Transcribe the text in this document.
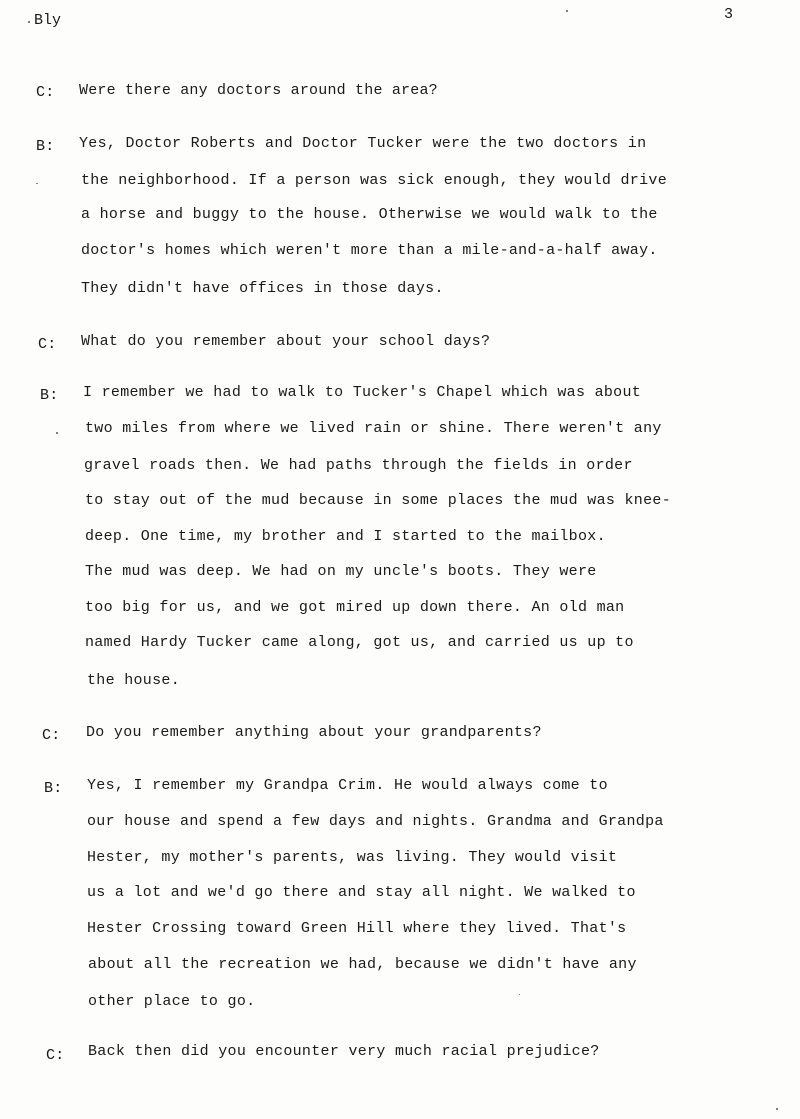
Bly	3
C: Were there any doctors around the area?
B: Yes, Doctor Roberts and Doctor Tucker were the two doctors in
the neighborhood. If a person was sick enough, they would drive
a horse and buggy to the house. Otherwise we would walk to the
doctor's homes which weren't more than a mile-and-a-half away.
They didn't have offices in those days.
C: What do you remember about your school days?
B: I remember we had to walk to Tucker's Chapel which was about
two miles from where we lived rain or shine. There weren't any
gravel roads then. We had paths through the fields in order
to stay out of the mud because in some places the mud was knee-
deep. One time, my brother and I started to the mailbox.
The mud was deep. We had on my uncle's boots. They were
too big for us, and we got mired up down there. An old man
named Hardy Tucker came along, got us, and carried us up to
the house.
C: Do you remember anything about your grandparents?
B: Yes, I remember my Grandpa Crim. He would always come to
our house and spend a few days and nights. Grandma and Grandpa
Hester, my mother's parents, was living. They would visit
us a lot and we'd go there and stay all night. We walked to
Hester Crossing toward Green Hill where they lived. That's
about all the recreation we had, because we didn't have any
other place to go.
C: Back then did you encounter very much racial prejudice?
